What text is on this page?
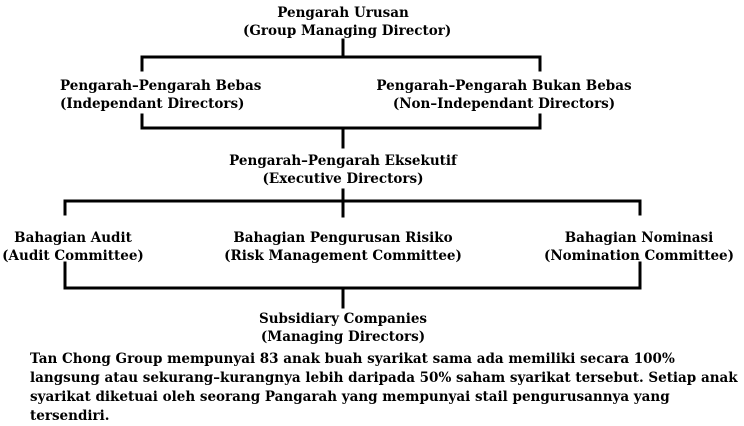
Pengarah Urusan
(Group Managing Director)
Pengarah–Pengarah Bebas
(Independant Directors)
Pengarah–Pengarah Bukan Bebas
(Non–Independant Directors)
Pengarah–Pengarah Eksekutif
(Executive Directors)
Bahagian Audit
(Audit Committee)
Bahagian Pengurusan Risiko
(Risk Management Committee)
Bahagian Nominasi
(Nomination Committee)
Subsidiary Companies
(Managing Directors)
Tan Chong Group mempunyai 83 anak buah syarikat sama ada memiliki secara 100% langsung atau sekurang–kurangnya lebih daripada 50% saham syarikat tersebut. Setiap anak syarikat diketuai oleh seorang Pangarah yang mempunyai stail pengurusannya yang tersendiri.
